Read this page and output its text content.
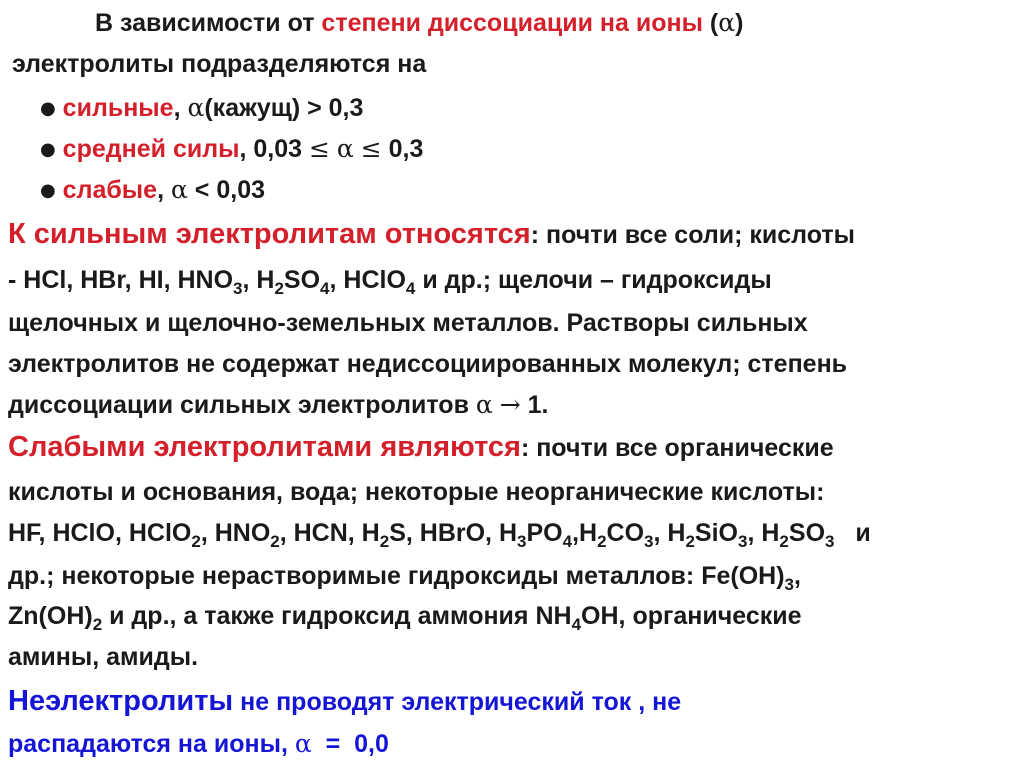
В зависимости от степени диссоциации на ионы (α)
электролиты подразделяются на
● сильные, α(кажущ) > 0,3
● средней силы, 0,03 ≤ α ≤ 0,3
● слабые, α < 0,03
К сильным электролитам относятся: почти все соли; кислоты
- HCl, HBr, HI, $HNO_3$, $H_2SO_4$, HClO$_4$ и др.; щелочи – гидроксиды
щелочных и щелочно-земельных металлов. Растворы сильных
электролитов не содержат недиссоциированных молекул; степень
диссоциации сильных электролитов α → 1.
Слабыми электролитами являются: почти все органические
кислоты и основания, вода; некоторые неорганические кислоты:
HF, HClO, HClO$_2$, $HNO_2$, HCN, $H_2S$, HBrO, $H_3PO_4,H_2CO_3$, $H_2SiO_3$, $H_2SO_3$   и
др.; некоторые нерастворимые гидроксиды металлов: $Fe(OH)_3$,
$Zn(OH)_2$ и др., а также гидроксид аммония $NH_4OH$, органические
амины, амиды.
Неэлектролиты не проводят электрический ток , не
распадаются на ионы, α  =  0,0
